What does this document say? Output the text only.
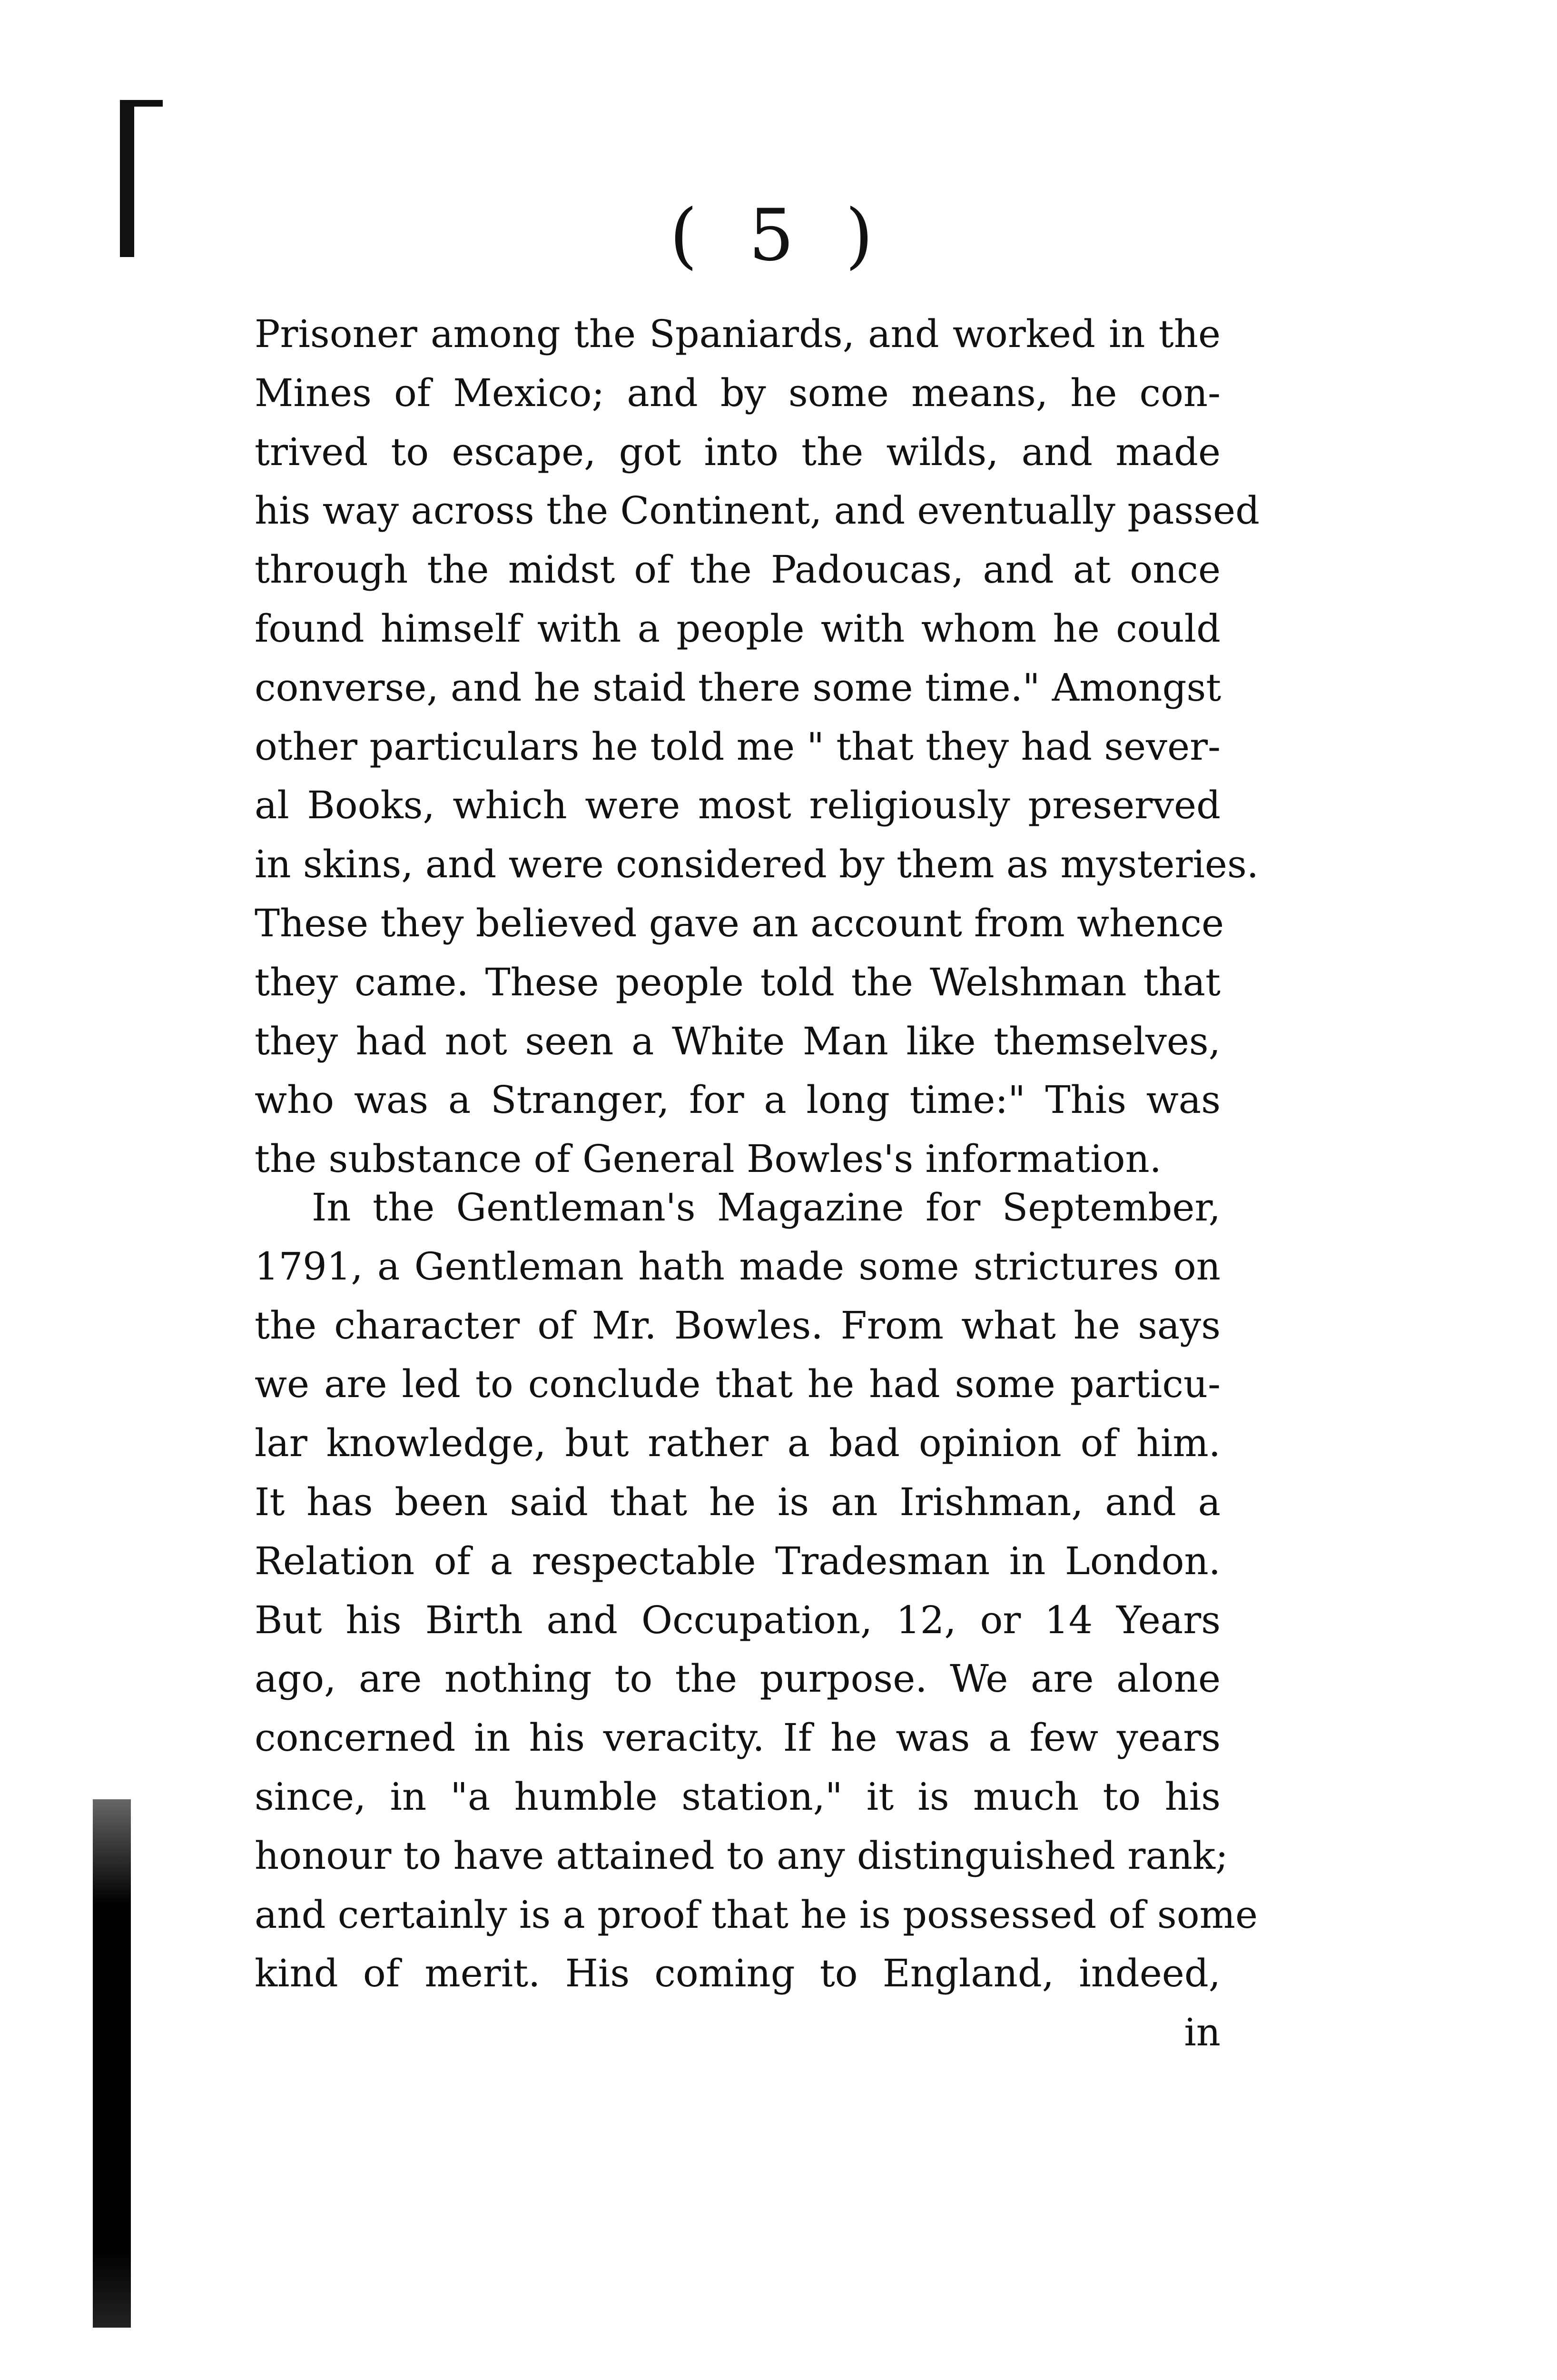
( 5 )
Prisoner among the Spaniards, and worked in the
Mines of Mexico; and by some means, he con-
trived to escape, got into the wilds, and made
his way across the Continent, and eventually passed
through the midst of the Padoucas, and at once
found himself with a people with whom he could
converse, and he staid there some time." Amongst
other particulars he told me " that they had sever-
al Books, which were most religiously preserved
in skins, and were considered by them as mysteries.
These they believed gave an account from whence
they came. These people told the Welshman that
they had not seen a White Man like themselves,
who was a Stranger, for a long time:" This was
the substance of General Bowles's information.
In the Gentleman's Magazine for September,
1791, a Gentleman hath made some strictures on
the character of Mr. Bowles. From what he says
we are led to conclude that he had some particu-
lar knowledge, but rather a bad opinion of him.
It has been said that he is an Irishman, and a
Relation of a respectable Tradesman in London.
But his Birth and Occupation, 12, or 14 Years
ago, are nothing to the purpose. We are alone
concerned in his veracity. If he was a few years
since, in "a humble station," it is much to his
honour to have attained to any distinguished rank;
and certainly is a proof that he is possessed of some
kind of merit. His coming to England, indeed,
in
